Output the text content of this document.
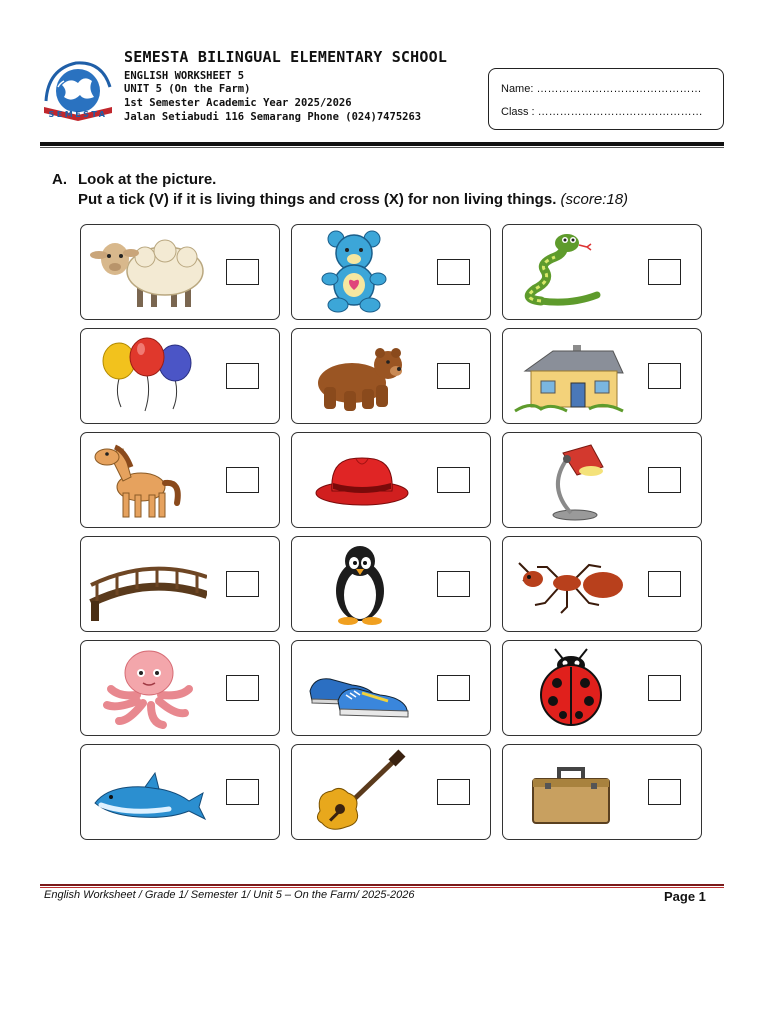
SEMESTA
SEMESTA BILINGUAL ELEMENTARY SCHOOL
ENGLISH WORKSHEET 5
UNIT 5 (On the Farm)
1st Semester Academic Year 2025/2026
Jalan Setiabudi 116 Semarang Phone (024)7475263
Name: ………………………………………
Class : ………………………………………
A. Look at the picture.
Put a tick (V) if it is living things and cross (X) for non living things. (score:18)
English Worksheet / Grade 1/ Semester 1/ Unit 5 – On the Farm/ 2025-2026	Page 1
